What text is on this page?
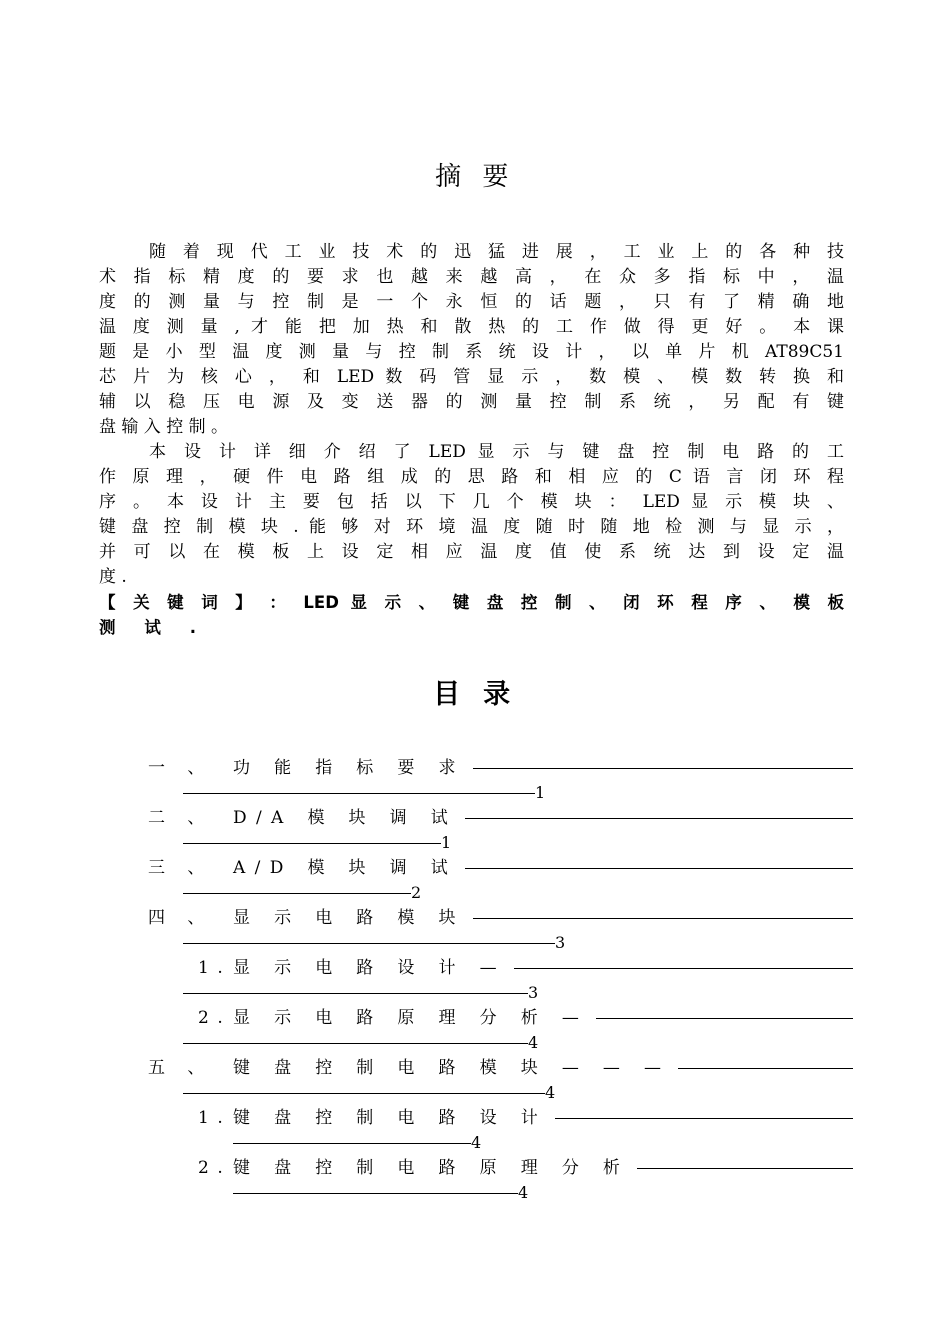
摘 要
随 着 现 代 工 业 技 术 的 迅 猛 进 展 ， 工 业 上 的 各 种 技
术 指 标 精 度 的 要 求 也 越 来 越 高 ， 在 众 多 指 标 中 ， 温
度 的 测 量 与 控 制 是 一 个 永 恒 的 话 题 ， 只 有 了 精 确 地
温 度 测 量 , 才 能 把 加 热 和 散 热 的 工 作 做 得 更 好 。 本 课
题 是 小 型 温 度 测 量 与 控 制 系 统 设 计 ， 以 单 片 机 AT89C51
芯 片 为 核 心 ， 和 LED 数 码 管 显 示 ， 数 模 、 模 数 转 换 和
辅 以 稳 压 电 源 及 变 送 器 的 测 量 控 制 系 统 ， 另 配 有 键
盘 输 入 控 制 。
本 设 计 详 细 介 绍 了 LED 显 示 与 键 盘 控 制 电 路 的 工
作 原 理 ， 硬 件 电 路 组 成 的 思 路 和 相 应 的 C 语 言 闭 环 程
序 。 本 设 计 主 要 包 括 以 下 几 个 模 块 ： LED 显 示 模 块 、
键 盘 控 制 模 块 . 能 够 对 环 境 温 度 随 时 随 地 检 测 与 显 示 ，
并 可 以 在 模 板 上 设 定 相 应 温 度 值 使 系 统 达 到 设 定 温
度 .
【 关 键 词 】 ： LED 显 示 、 键 盘 控 制 、 闭 环 程 序 、 模 板
测 试 .
目 录
一 、	功 能 指 标 要 求
1
二 、	D/A 模 块 调 试
1
三 、	A/D 模 块 调 试
2
四 、	显 示 电 路 模 块
3
1. 显 示 电 路 设 计 —
3
2. 显 示 电 路 原 理 分 析 —
4
五 、	键 盘 控 制 电 路 模 块 — — —
4
1. 键 盘 控 制 电 路 设 计
4
2. 键 盘 控 制 电 路 原 理 分 析
4
